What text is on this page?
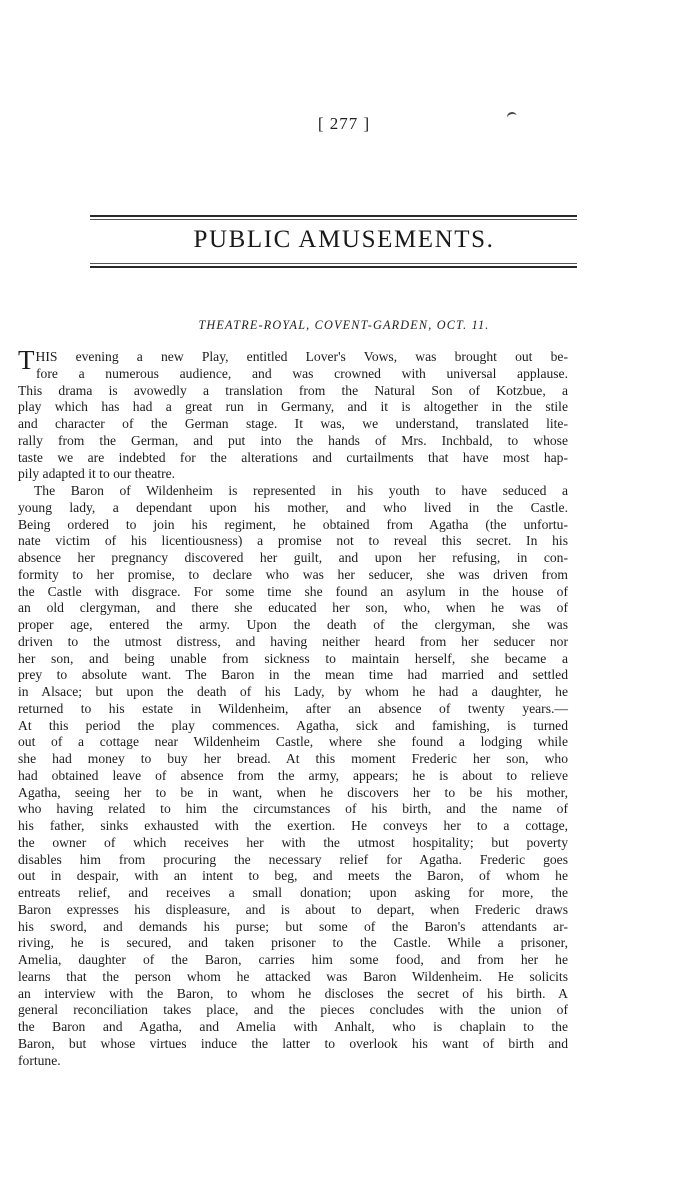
[ 277 ]
PUBLIC AMUSEMENTS.
THEATRE-ROYAL, COVENT-GARDEN, OCT. 11.

THIS evening a new Play, entitled Lover's Vows, was brought out be-

fore a numerous audience, and was crowned with universal applause.

This drama is avowedly a translation from the Natural Son of Kotzbue, a

play which has had a great run in Germany, and it is altogether in the stile

and character of the German stage. It was, we understand, translated lite-

rally from the German, and put into the hands of Mrs. Inchbald, to whose

taste we are indebted for the alterations and curtailments that have most hap-

pily adapted it to our theatre.

The Baron of Wildenheim is represented in his youth to have seduced a

young lady, a dependant upon his mother, and who lived in the Castle.

Being ordered to join his regiment, he obtained from Agatha (the unfortu-

nate victim of his licentiousness) a promise not to reveal this secret. In his

absence her pregnancy discovered her guilt, and upon her refusing, in con-

formity to her promise, to declare who was her seducer, she was driven from

the Castle with disgrace. For some time she found an asylum in the house of

an old clergyman, and there she educated her son, who, when he was of

proper age, entered the army. Upon the death of the clergyman, she was

driven to the utmost distress, and having neither heard from her seducer nor

her son, and being unable from sickness to maintain herself, she became a

prey to absolute want. The Baron in the mean time had married and settled

in Alsace; but upon the death of his Lady, by whom he had a daughter, he

returned to his estate in Wildenheim, after an absence of twenty years.—

At this period the play commences. Agatha, sick and famishing, is turned

out of a cottage near Wildenheim Castle, where she found a lodging while

she had money to buy her bread. At this moment Frederic her son, who

had obtained leave of absence from the army, appears; he is about to relieve

Agatha, seeing her to be in want, when he discovers her to be his mother,

who having related to him the circumstances of his birth, and the name of

his father, sinks exhausted with the exertion. He conveys her to a cottage,

the owner of which receives her with the utmost hospitality; but poverty

disables him from procuring the necessary relief for Agatha. Frederic goes

out in despair, with an intent to beg, and meets the Baron, of whom he

entreats relief, and receives a small donation; upon asking for more, the

Baron expresses his displeasure, and is about to depart, when Frederic draws

his sword, and demands his purse; but some of the Baron's attendants ar-

riving, he is secured, and taken prisoner to the Castle. While a prisoner,

Amelia, daughter of the Baron, carries him some food, and from her he

learns that the person whom he attacked was Baron Wildenheim. He solicits

an interview with the Baron, to whom he discloses the secret of his birth. A

general reconciliation takes place, and the pieces concludes with the union of

the Baron and Agatha, and Amelia with Anhalt, who is chaplain to the

Baron, but whose virtues induce the latter to overlook his want of birth and

fortune.
